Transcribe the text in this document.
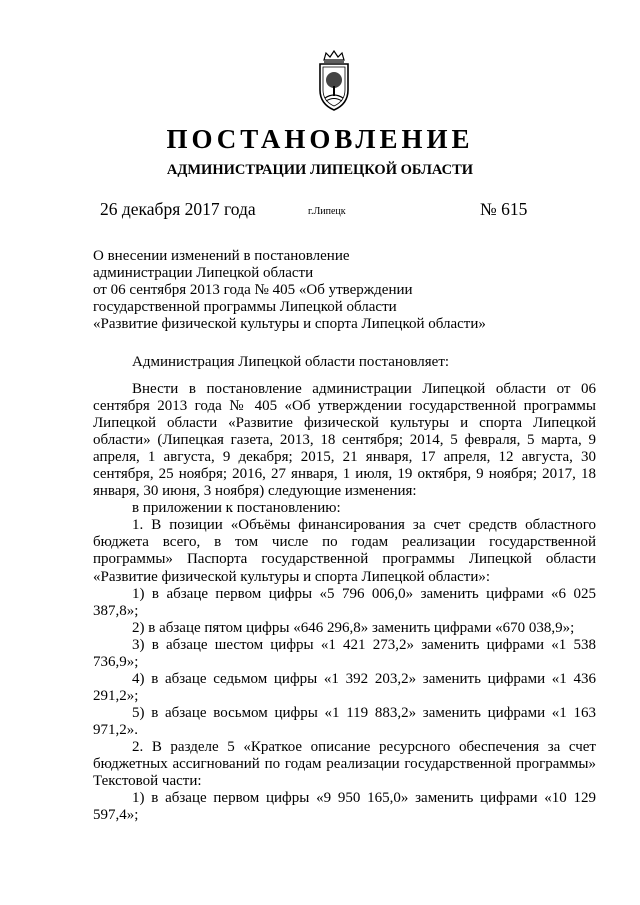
ПОСТАНОВЛЕНИЕ
АДМИНИСТРАЦИИ ЛИПЕЦКОЙ ОБЛАСТИ
26 декабря 2017 года	г.Липецк	№ 615
О внесении изменений в постановление
администрации Липецкой области
от 06 сентября 2013 года № 405 «Об утверждении
государственной программы Липецкой области
«Развитие физической культуры и спорта Липецкой области»
Администрация Липецкой области постановляет:

Внести в постановление администрации Липецкой области от 06 сентября 2013 года № 405 «Об утверждении государственной программы Липецкой области «Развитие физической культуры и спорта Липецкой области» (Липецкая газета, 2013, 18 сентября; 2014, 5 февраля, 5 марта, 9 апреля, 1 августа, 9 декабря; 2015, 21 января, 17 апреля, 12 августа, 30 сентября, 25 ноября; 2016, 27 января, 1 июля, 19 октября, 9 ноября; 2017, 18 января, 30 июня, 3 ноября) следующие изменения:

в приложении к постановлению:

1. В позиции «Объёмы финансирования за счет средств областного бюджета всего, в том числе по годам реализации государственной программы» Паспорта государственной программы Липецкой области «Развитие физической культуры и спорта Липецкой области»:

1) в абзаце первом цифры «5 796 006,0» заменить цифрами «6 025 387,8»;

2) в абзаце пятом цифры «646 296,8» заменить цифрами «670 038,9»;

3) в абзаце шестом цифры «1 421 273,2» заменить цифрами «1 538 736,9»;

4) в абзаце седьмом цифры «1 392 203,2» заменить цифрами «1 436 291,2»;

5) в абзаце восьмом цифры «1 119 883,2» заменить цифрами «1 163 971,2».

2. В разделе 5 «Краткое описание ресурсного обеспечения за счет бюджетных ассигнований по годам реализации государственной программы» Текстовой части:

1) в абзаце первом цифры «9 950 165,0» заменить цифрами «10 129 597,4»;
